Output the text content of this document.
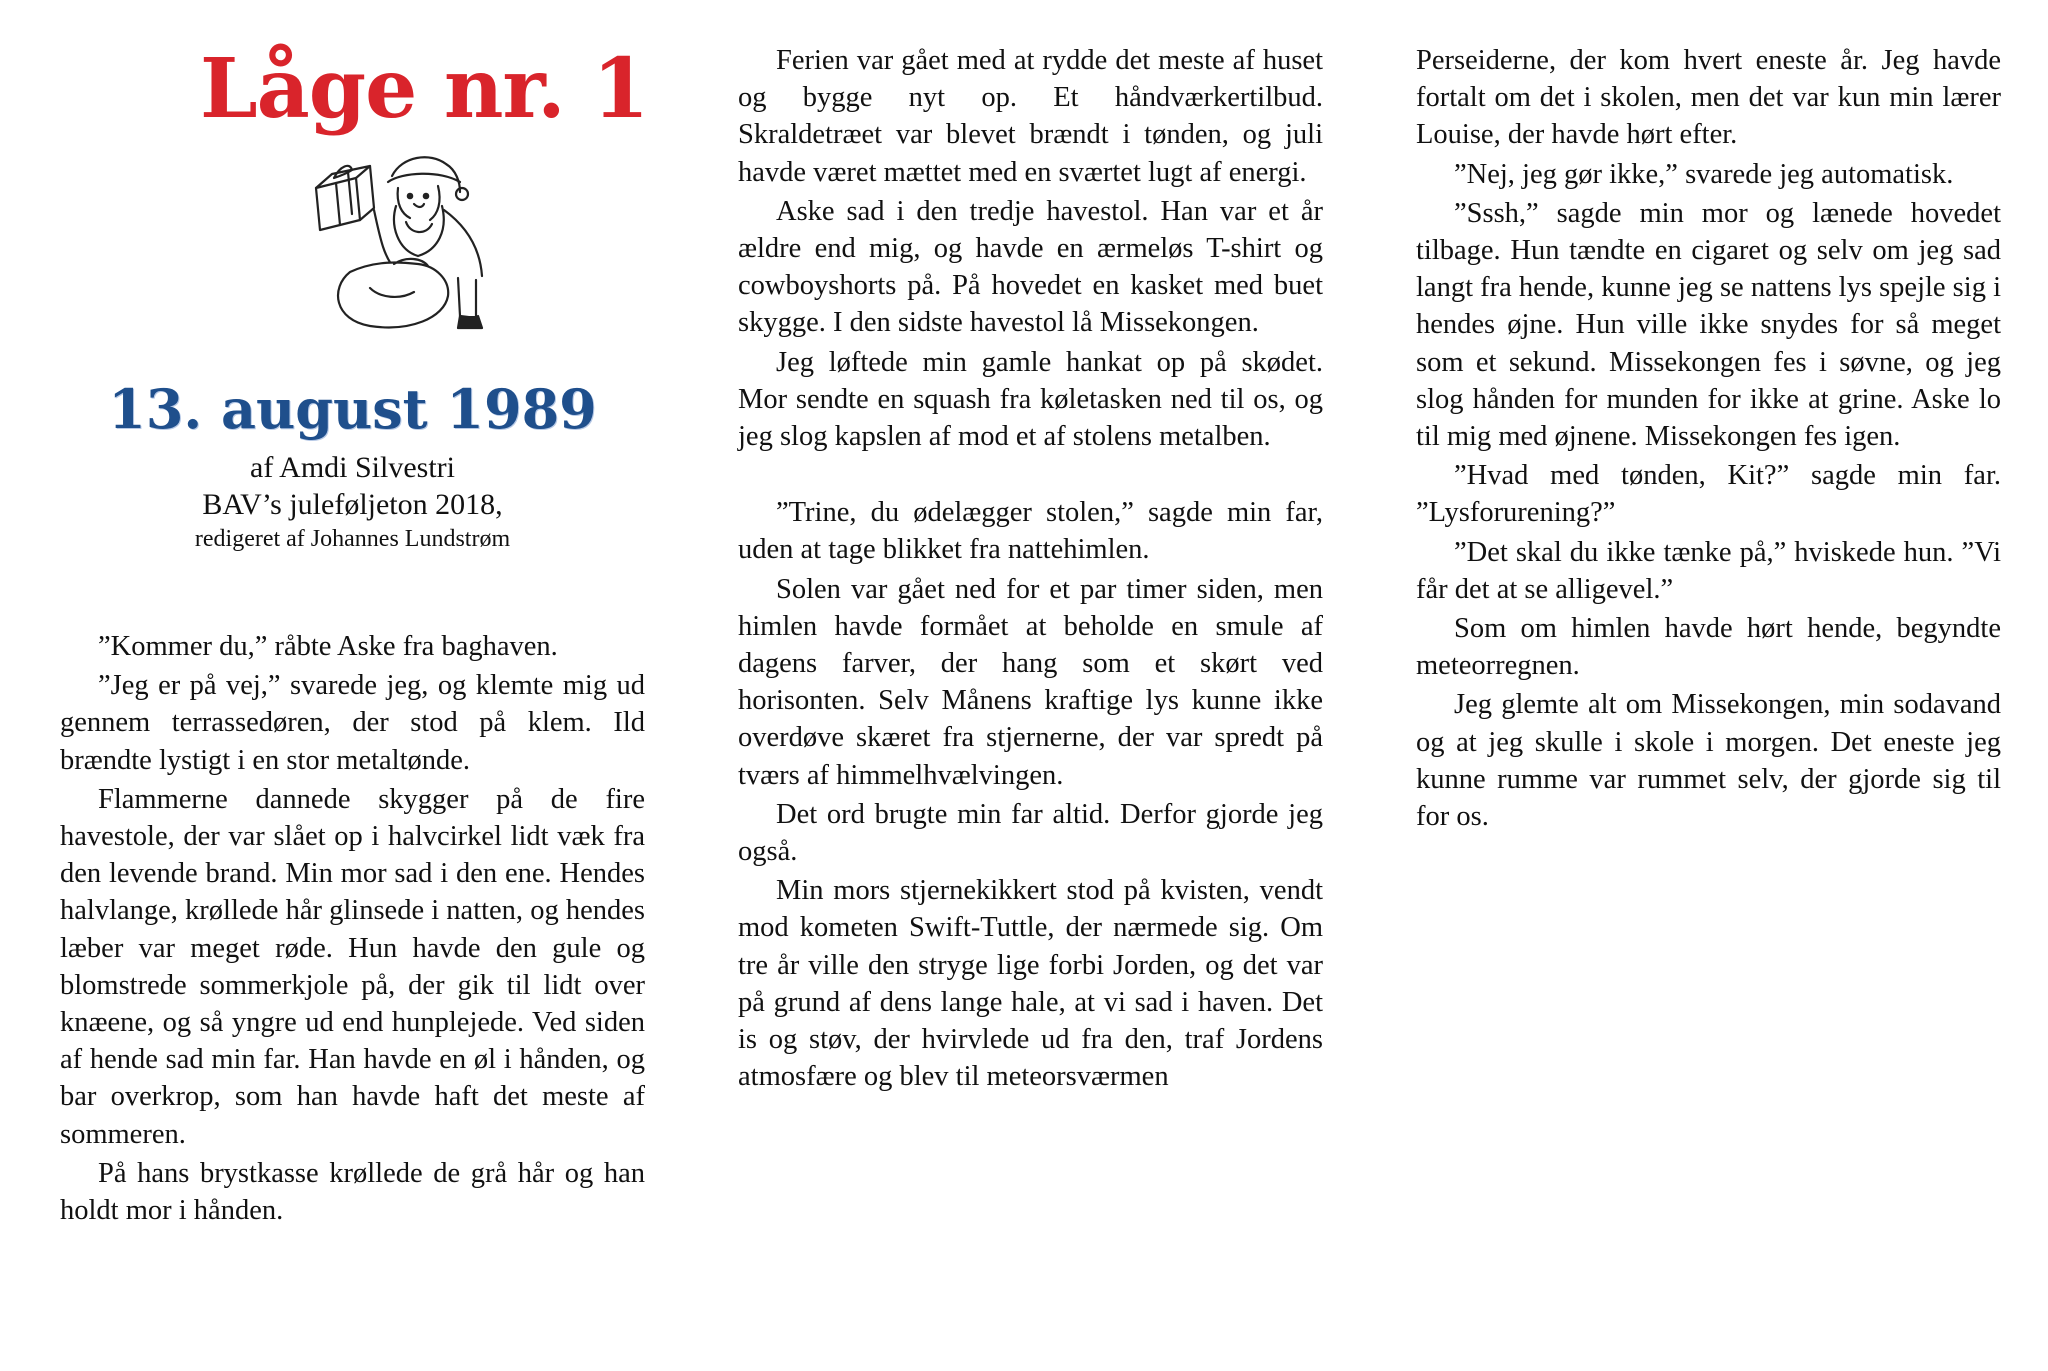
Låge nr. 1
13. august 1989
af Amdi Silvestri
BAV’s juleføljeton 2018,
redigeret af Johannes Lundstrøm

”Kommer du,” råbte Aske fra baghaven.

”Jeg er på vej,” svarede jeg, og klemte mig ud gennem terrassedøren, der stod på klem. Ild brændte lystigt i en stor metaltønde.

Flammerne dannede skygger på de fire havestole, der var slået op i halvcirkel lidt væk fra den levende brand. Min mor sad i den ene. Hendes halvlange, krøllede hår glinsede i natten, og hendes læber var meget røde. Hun havde den gule og blomstrede sommerkjole på, der gik til lidt over knæene, og så yngre ud end hunplejede. Ved siden af hende sad min far. Han havde en øl i hånden, og bar overkrop, som han havde haft det meste af sommeren.

På hans brystkasse krøllede de grå hår og han holdt mor i hånden.

Ferien var gået med at rydde det meste af huset og bygge nyt op. Et håndværkertilbud. Skraldetræet var blevet brændt i tønden, og juli havde været mættet med en sværtet lugt af energi.

Aske sad i den tredje havestol. Han var et år ældre end mig, og havde en ærmeløs T-shirt og cowboyshorts på. På hovedet en kasket med buet skygge. I den sidste havestol lå Missekongen.

Jeg løftede min gamle hankat op på skødet. Mor sendte en squash fra køletasken ned til os, og jeg slog kapslen af mod et af stolens metalben.

”Trine, du ødelægger stolen,” sagde min far, uden at tage blikket fra nattehimlen.

Solen var gået ned for et par timer siden, men himlen havde formået at beholde en smule af dagens farver, der hang som et skørt ved horisonten. Selv Månens kraftige lys kunne ikke overdøve skæret fra stjernerne, der var spredt på tværs af himmelhvælvingen.

Det ord brugte min far altid. Derfor gjorde jeg også.

Min mors stjernekikkert stod på kvisten, vendt mod kometen Swift-Tuttle, der nærmede sig. Om tre år ville den stryge lige forbi Jorden, og det var på grund af dens lange hale, at vi sad i haven. Det is og støv, der hvirvlede ud fra den, traf Jordens atmosfære og blev til meteorsværmen

Perseiderne, der kom hvert eneste år. Jeg havde fortalt om det i skolen, men det var kun min lærer Louise, der havde hørt efter.

”Nej, jeg gør ikke,” svarede jeg automatisk.

”Sssh,” sagde min mor og lænede hovedet tilbage. Hun tændte en cigaret og selv om jeg sad langt fra hende, kunne jeg se nattens lys spejle sig i hendes øjne. Hun ville ikke snydes for så meget som et sekund. Missekongen fes i søvne, og jeg slog hånden for munden for ikke at grine. Aske lo til mig med øjnene. Missekongen fes igen.

”Hvad med tønden, Kit?” sagde min far. ”Lysforurening?”

”Det skal du ikke tænke på,” hviskede hun. ”Vi får det at se alligevel.”

Som om himlen havde hørt hende, begyndte meteorregnen.

Jeg glemte alt om Missekongen, min sodavand og at jeg skulle i skole i morgen. Det eneste jeg kunne rumme var rummet selv, der gjorde sig til for os.
